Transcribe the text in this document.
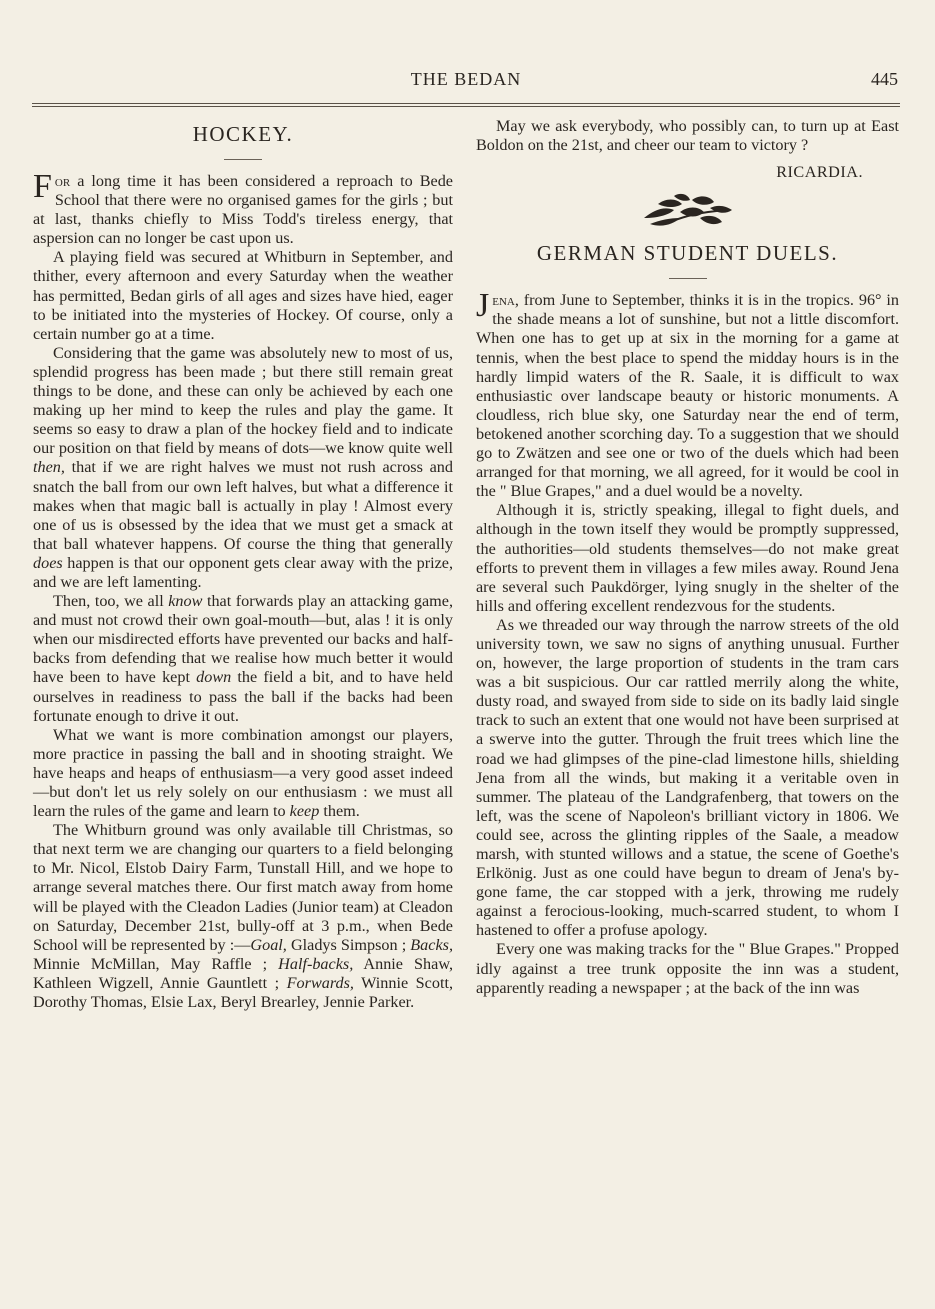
THE BEDAN	445
HOCKEY.

For a long time it has been considered a reproach to Bede School that there were no organised games for the girls ; but at last, thanks chiefly to Miss Todd's tireless energy, that aspersion can no longer be cast upon us.

A playing field was secured at Whitburn in September, and thither, every afternoon and every Saturday when the weather has permitted, Bedan girls of all ages and sizes have hied, eager to be initiated into the mysteries of Hockey. Of course, only a certain number go at a time.

Considering that the game was absolutely new to most of us, splendid progress has been made ; but there still remain great things to be done, and these can only be achieved by each one making up her mind to keep the rules and play the game. It seems so easy to draw a plan of the hockey field and to indicate our position on that field by means of dots—we know quite well then, that if we are right halves we must not rush across and snatch the ball from our own left halves, but what a difference it makes when that magic ball is actually in play ! Almost every one of us is obsessed by the idea that we must get a smack at that ball whatever happens. Of course the thing that generally does happen is that our opponent gets clear away with the prize, and we are left lamenting.

Then, too, we all know that forwards play an attacking game, and must not crowd their own goal-mouth—but, alas ! it is only when our misdirected efforts have prevented our backs and half-backs from defending that we realise how much better it would have been to have kept down the field a bit, and to have held ourselves in readiness to pass the ball if the backs had been fortunate enough to drive it out.

What we want is more combination amongst our players, more practice in passing the ball and in shooting straight. We have heaps and heaps of enthusiasm—a very good asset indeed—but don't let us rely solely on our enthusiasm : we must all learn the rules of the game and learn to keep them.

The Whitburn ground was only available till Christmas, so that next term we are changing our quarters to a field belonging to Mr. Nicol, Elstob Dairy Farm, Tunstall Hill, and we hope to arrange several matches there. Our first match away from home will be played with the Cleadon Ladies (Junior team) at Cleadon on Saturday, December 21st, bully-off at 3 p.m., when Bede School will be represented by :—Goal, Gladys Simpson ; Backs, Minnie McMillan, May Raffle ; Half-backs, Annie Shaw, Kathleen Wigzell, Annie Gauntlett ; Forwards, Winnie Scott, Dorothy Thomas, Elsie Lax, Beryl Brearley, Jennie Parker.

May we ask everybody, who possibly can, to turn up at East Boldon on the 21st, and cheer our team to victory ?

RICARDIA.

GERMAN STUDENT DUELS.

Jena, from June to September, thinks it is in the tropics. 96° in the shade means a lot of sunshine, but not a little discomfort. When one has to get up at six in the morning for a game at tennis, when the best place to spend the midday hours is in the hardly limpid waters of the R. Saale, it is difficult to wax enthusiastic over landscape beauty or historic monuments. A cloudless, rich blue sky, one Saturday near the end of term, betokened another scorching day. To a suggestion that we should go to Zwätzen and see one or two of the duels which had been arranged for that morning, we all agreed, for it would be cool in the " Blue Grapes," and a duel would be a novelty.

Although it is, strictly speaking, illegal to fight duels, and although in the town itself they would be promptly suppressed, the authorities—old students themselves—do not make great efforts to prevent them in villages a few miles away. Round Jena are several such Paukdörger, lying snugly in the shelter of the hills and offering excellent rendezvous for the students.

As we threaded our way through the narrow streets of the old university town, we saw no signs of anything unusual. Further on, however, the large proportion of students in the tram cars was a bit suspicious. Our car rattled merrily along the white, dusty road, and swayed from side to side on its badly laid single track to such an extent that one would not have been surprised at a swerve into the gutter. Through the fruit trees which line the road we had glimpses of the pine-clad limestone hills, shielding Jena from all the winds, but making it a veritable oven in summer. The plateau of the Landgrafenberg, that towers on the left, was the scene of Napoleon's brilliant victory in 1806. We could see, across the glinting ripples of the Saale, a meadow marsh, with stunted willows and a statue, the scene of Goethe's Erlkönig. Just as one could have begun to dream of Jena's by-gone fame, the car stopped with a jerk, throwing me rudely against a ferocious-looking, much-scarred student, to whom I hastened to offer a profuse apology.

Every one was making tracks for the " Blue Grapes." Propped idly against a tree trunk opposite the inn was a student, apparently reading a newspaper ; at the back of the inn was
